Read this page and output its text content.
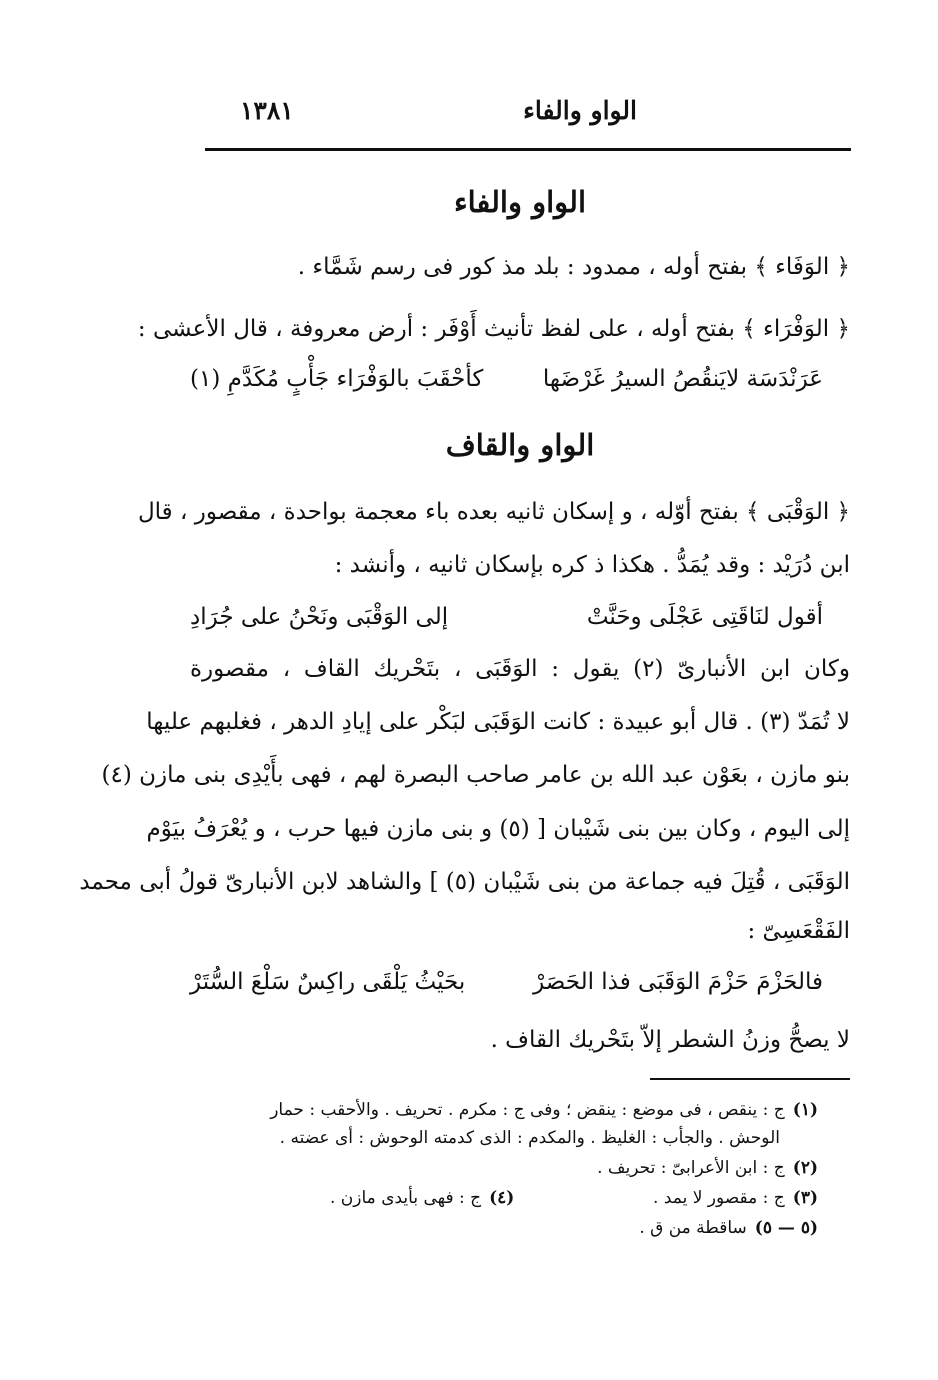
الواو والفاء
١٣٨١
الواو والفاء
﴿ الوَفَاء ﴾ بفتح أوله ، ممدود : بلد مذ كور فى رسم شَمَّاء .
﴿ الوَفْرَاء ﴾ بفتح أوله ، على لفظ تأنيث أَوْفَر : أرض معروفة ، قال الأعشى :
عَرَنْدَسَة لايَنقُصُ السيرُ غَرْضَها
كأحْقَبَ بالوَفْرَاء جَأْبٍ مُكَدَّمِ (١)
الواو والقاف
﴿ الوَقْبَى ﴾ بفتح أوّله ، و إسكان ثانيه بعده باء معجمة بواحدة ، مقصور ، قال
ابن دُرَيْد : وقد يُمَدُّ . هكذا ذ كره بإسكان ثانيه ، وأنشد :
أقول لنَاقَتِى عَجْلَى وحَنَّتْ
إلى الوَقْبَى ونَحْنُ على جُرَادِ
وكان ابن الأنبارىّ (٢) يقول : الوَقَبَى ، بتَحْريك القاف ، مقصورة
لا تُمَدّ (٣) . قال أبو عبيدة : كانت الوَقَبَى لبَكْر على إيادِ الدهر ، فغلبهم عليها
بنو مازن ، بعَوْن عبد الله بن عامر صاحب البصرة لهم ، فهى بأَيْدِى بنى مازن (٤)
إلى اليوم ، وكان بين بنى شَيْبان [ (٥) و بنى مازن فيها حرب ، و يُعْرَفُ بيَوْم
الوَقَبَى ، قُتِلَ فيه جماعة من بنى شَيْبان (٥) ] والشاهد لابن الأنبارىّ قولُ أبى محمد
الفَقْعَسِىّ :
فالحَزْمَ حَزْمَ الوَقَبَى فذا الحَصَرْ
بحَيْثُ يَلْقَى راكِسٌ سَلْعَ السُّتَرْ
لا يصحُّ وزنُ الشطر إلاّ بتَحْريك القاف .
(١)ج : ينقص ، فى موضع : ينقض ؛ وفى ج : مكرم . تحريف . والأحقب : حمار
الوحش . والجأب : الغليظ . والمكدم : الذى كدمته الوحوش : أى عضته .
(٢)ج : ابن الأعرابىّ : تحريف .
(٣)ج : مقصور لا يمد .
(٤)ج : فهى بأيدى مازن .
(٥ — ٥)ساقطة من ق .
